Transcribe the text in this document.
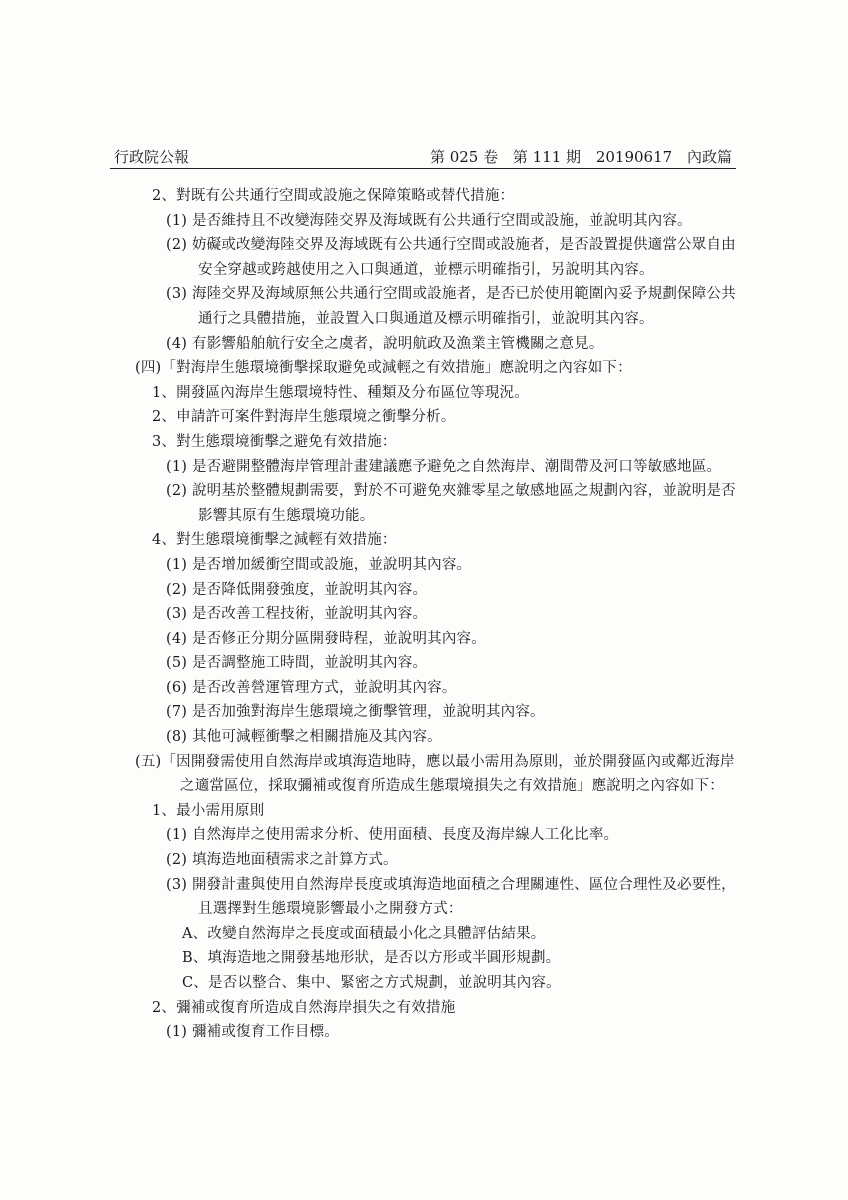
行政院公報	第 025 卷 第 111 期 20190617 內政篇
2、對既有公共通行空間或設施之保障策略或替代措施：
(1) 是否維持且不改變海陸交界及海域既有公共通行空間或設施，並說明其內容。
(2) 妨礙或改變海陸交界及海域既有公共通行空間或設施者，是否設置提供適當公眾自由
安全穿越或跨越使用之入口與通道，並標示明確指引，另說明其內容。
(3) 海陸交界及海域原無公共通行空間或設施者，是否已於使用範圍內妥予規劃保障公共
通行之具體措施，並設置入口與通道及標示明確指引，並說明其內容。
(4) 有影響船舶航行安全之虞者，說明航政及漁業主管機關之意見。
(四)「對海岸生態環境衝擊採取避免或減輕之有效措施」應說明之內容如下：
1、開發區內海岸生態環境特性、種類及分布區位等現況。
2、申請許可案件對海岸生態環境之衝擊分析。
3、對生態環境衝擊之避免有效措施：
(1) 是否避開整體海岸管理計畫建議應予避免之自然海岸、潮間帶及河口等敏感地區。
(2) 說明基於整體規劃需要，對於不可避免夾雜零星之敏感地區之規劃內容，並說明是否
影響其原有生態環境功能。
4、對生態環境衝擊之減輕有效措施：
(1) 是否增加緩衝空間或設施，並說明其內容。
(2) 是否降低開發強度，並說明其內容。
(3) 是否改善工程技術，並說明其內容。
(4) 是否修正分期分區開發時程，並說明其內容。
(5) 是否調整施工時間，並說明其內容。
(6) 是否改善營運管理方式，並說明其內容。
(7) 是否加強對海岸生態環境之衝擊管理，並說明其內容。
(8) 其他可減輕衝擊之相關措施及其內容。
(五)「因開發需使用自然海岸或填海造地時，應以最小需用為原則，並於開發區內或鄰近海岸
之適當區位，採取彌補或復育所造成生態環境損失之有效措施」應說明之內容如下：
1、最小需用原則
(1) 自然海岸之使用需求分析、使用面積、長度及海岸線人工化比率。
(2) 填海造地面積需求之計算方式。
(3) 開發計畫與使用自然海岸長度或填海造地面積之合理關連性、區位合理性及必要性，
且選擇對生態環境影響最小之開發方式：
A、改變自然海岸之長度或面積最小化之具體評估結果。
B、填海造地之開發基地形狀，是否以方形或半圓形規劃。
C、是否以整合、集中、緊密之方式規劃，並說明其內容。
2、彌補或復育所造成自然海岸損失之有效措施
(1) 彌補或復育工作目標。
